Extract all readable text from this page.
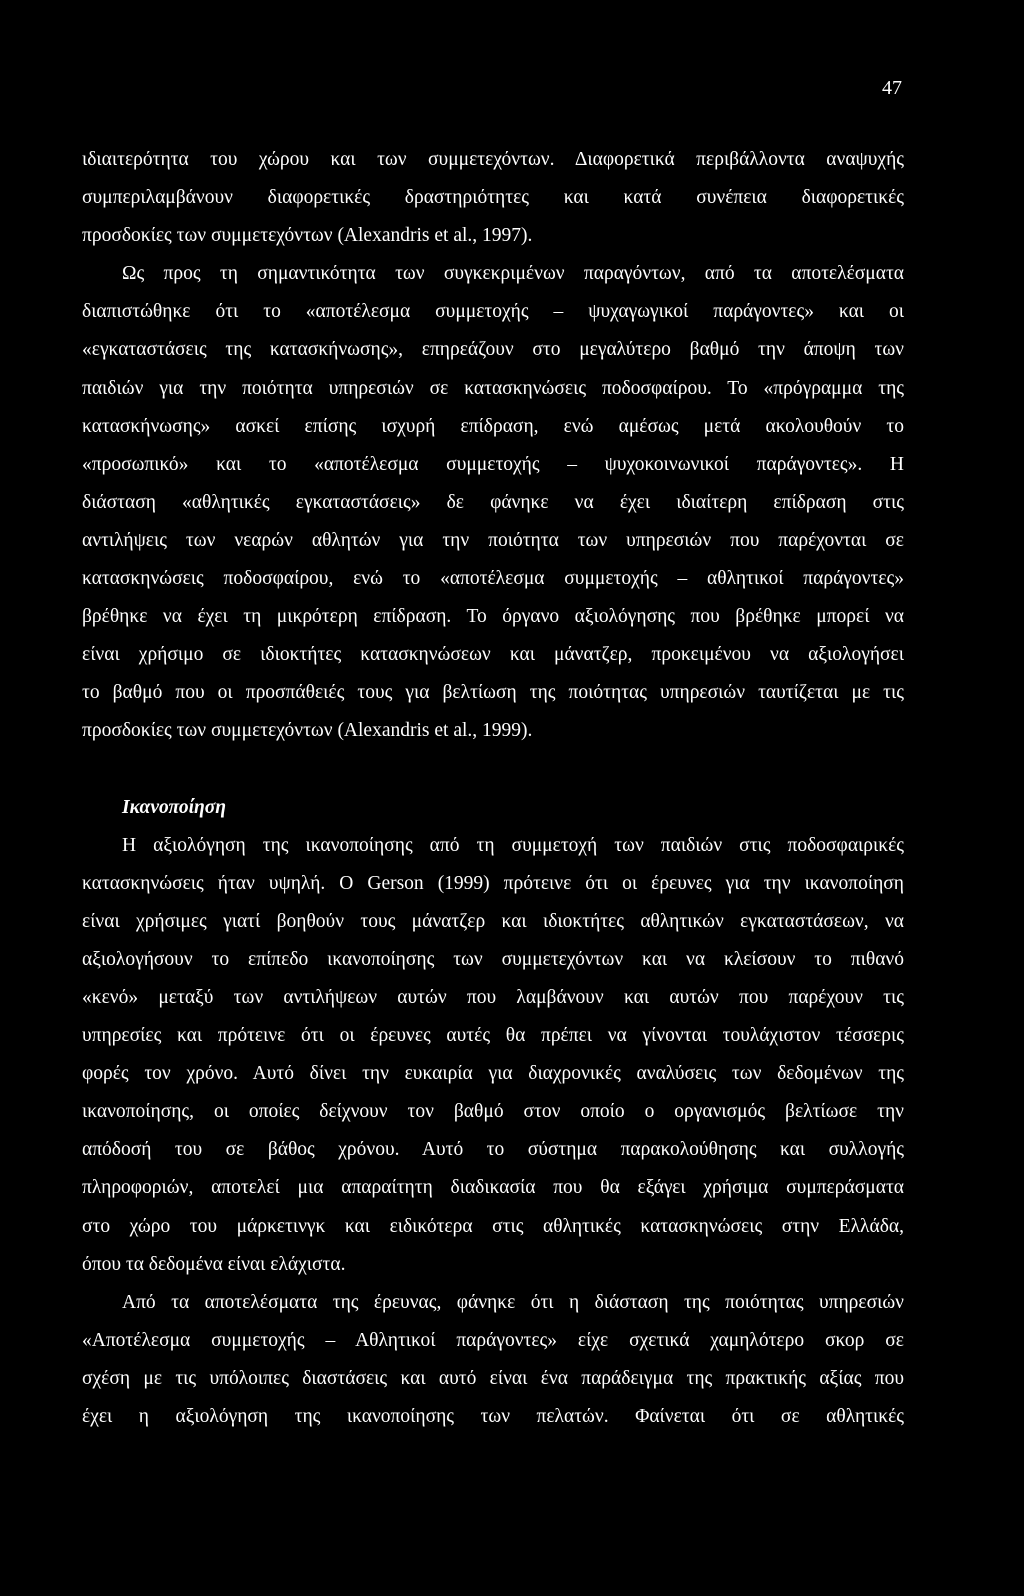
47
ιδιαιτερότητα του χώρου και των συμμετεχόντων. Διαφορετικά περιβάλλοντα αναψυχής
συμπεριλαμβάνουν διαφορετικές δραστηριότητες και κατά συνέπεια διαφορετικές
προσδοκίες των συμμετεχόντων (Alexandris et al., 1997).
Ως προς τη σημαντικότητα των συγκεκριμένων παραγόντων, από τα αποτελέσματα
διαπιστώθηκε ότι το «αποτέλεσμα συμμετοχής – ψυχαγωγικοί παράγοντες» και οι
«εγκαταστάσεις της κατασκήνωσης», επηρεάζουν στο μεγαλύτερο βαθμό την άποψη των
παιδιών για την ποιότητα υπηρεσιών σε κατασκηνώσεις ποδοσφαίρου. Το «πρόγραμμα της
κατασκήνωσης» ασκεί επίσης ισχυρή επίδραση, ενώ αμέσως μετά ακολουθούν το
«προσωπικό» και το «αποτέλεσμα συμμετοχής – ψυχοκοινωνικοί παράγοντες». Η
διάσταση «αθλητικές εγκαταστάσεις» δε φάνηκε να έχει ιδιαίτερη επίδραση στις
αντιλήψεις των νεαρών αθλητών για την ποιότητα των υπηρεσιών που παρέχονται σε
κατασκηνώσεις ποδοσφαίρου, ενώ το «αποτέλεσμα συμμετοχής – αθλητικοί παράγοντες»
βρέθηκε να έχει τη μικρότερη επίδραση. Το όργανο αξιολόγησης που βρέθηκε μπορεί να
είναι χρήσιμο σε ιδιοκτήτες κατασκηνώσεων και μάνατζερ, προκειμένου να αξιολογήσει
το βαθμό που οι προσπάθειές τους για βελτίωση της ποιότητας υπηρεσιών ταυτίζεται με τις
προσδοκίες των συμμετεχόντων (Alexandris et al., 1999).
Ικανοποίηση
Η αξιολόγηση της ικανοποίησης από τη συμμετοχή των παιδιών στις ποδοσφαιρικές
κατασκηνώσεις ήταν υψηλή. Ο Gerson (1999) πρότεινε ότι οι έρευνες για την ικανοποίηση
είναι χρήσιμες γιατί βοηθούν τους μάνατζερ και ιδιοκτήτες αθλητικών εγκαταστάσεων, να
αξιολογήσουν το επίπεδο ικανοποίησης των συμμετεχόντων και να κλείσουν το πιθανό
«κενό» μεταξύ των αντιλήψεων αυτών που λαμβάνουν και αυτών που παρέχουν τις
υπηρεσίες και πρότεινε ότι οι έρευνες αυτές θα πρέπει να γίνονται τουλάχιστον τέσσερις
φορές τον χρόνο. Αυτό δίνει την ευκαιρία για διαχρονικές αναλύσεις των δεδομένων της
ικανοποίησης, οι οποίες δείχνουν τον βαθμό στον οποίο ο οργανισμός βελτίωσε την
απόδοσή του σε βάθος χρόνου. Αυτό το σύστημα παρακολούθησης και συλλογής
πληροφοριών, αποτελεί μια απαραίτητη διαδικασία που θα εξάγει χρήσιμα συμπεράσματα
στο χώρο του μάρκετινγκ και ειδικότερα στις αθλητικές κατασκηνώσεις στην Ελλάδα,
όπου τα δεδομένα είναι ελάχιστα.
Από τα αποτελέσματα της έρευνας, φάνηκε ότι η διάσταση της ποιότητας υπηρεσιών
«Αποτέλεσμα συμμετοχής – Αθλητικοί παράγοντες» είχε σχετικά χαμηλότερο σκορ σε
σχέση με τις υπόλοιπες διαστάσεις και αυτό είναι ένα παράδειγμα της πρακτικής αξίας που
έχει η αξιολόγηση της ικανοποίησης των πελατών. Φαίνεται ότι σε αθλητικές
